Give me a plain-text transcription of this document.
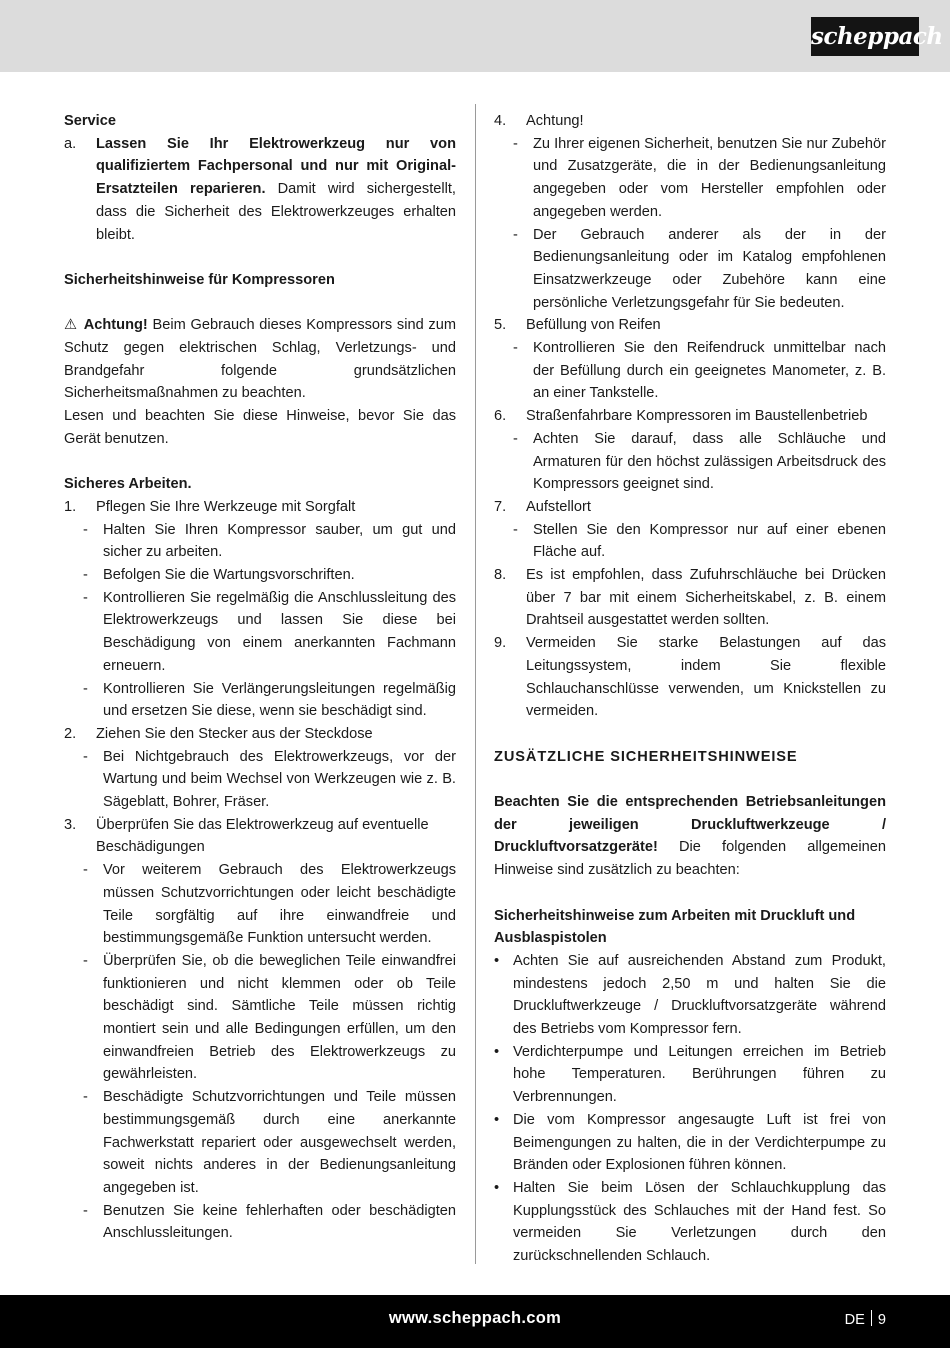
scheppach
Service
a.	Lassen Sie Ihr Elektrowerkzeug nur von qualifiziertem Fachpersonal und nur mit Original-Ersatzteilen reparieren. Damit wird sichergestellt, dass die Sicherheit des Elektrowerkzeuges erhalten bleibt.
Sicherheitshinweise für Kompressoren
⚠ Achtung! Beim Gebrauch dieses Kompressors sind zum Schutz gegen elektrischen Schlag, Verletzungs- und Brandgefahr folgende grundsätzlichen Sicherheitsmaßnahmen zu beachten.
Lesen und beachten Sie diese Hinweise, bevor Sie das Gerät benutzen.
Sicheres Arbeiten.
1.	Pflegen Sie Ihre Werkzeuge mit Sorgfalt
-	Halten Sie Ihren Kompressor sauber, um gut und sicher zu arbeiten.
-	Befolgen Sie die Wartungsvorschriften.
-	Kontrollieren Sie regelmäßig die Anschlussleitung des Elektrowerkzeugs und lassen Sie diese bei Beschädigung von einem anerkannten Fachmann erneuern.
-	Kontrollieren Sie Verlängerungsleitungen regelmäßig und ersetzen Sie diese, wenn sie beschädigt sind.
2.	Ziehen Sie den Stecker aus der Steckdose
-	Bei Nichtgebrauch des Elektrowerkzeugs, vor der Wartung und beim Wechsel von Werkzeugen wie z. B. Sägeblatt, Bohrer, Fräser.
3.	Überprüfen Sie das Elektrowerkzeug auf eventuelle Beschädigungen
-	Vor weiterem Gebrauch des Elektrowerkzeugs müssen Schutzvorrichtungen oder leicht beschädigte Teile sorgfältig auf ihre einwandfreie und bestimmungsgemäße Funktion untersucht werden.
-	Überprüfen Sie, ob die beweglichen Teile einwandfrei funktionieren und nicht klemmen oder ob Teile beschädigt sind. Sämtliche Teile müssen richtig montiert sein und alle Bedingungen erfüllen, um den einwandfreien Betrieb des Elektrowerkzeugs zu gewährleisten.
-	Beschädigte Schutzvorrichtungen und Teile müssen bestimmungsgemäß durch eine anerkannte Fachwerkstatt repariert oder ausgewechselt werden, soweit nichts anderes in der Bedienungsanleitung angegeben ist.
-	Benutzen Sie keine fehlerhaften oder beschädigten Anschlussleitungen.
4.	Achtung!
-	Zu Ihrer eigenen Sicherheit, benutzen Sie nur Zubehör und Zusatzgeräte, die in der Bedienungsanleitung angegeben oder vom Hersteller empfohlen oder angegeben werden.
-	Der Gebrauch anderer als der in der Bedienungsanleitung oder im Katalog empfohlenen Einsatzwerkzeuge oder Zubehöre kann eine persönliche Verletzungsgefahr für Sie bedeuten.
5.	Befüllung von Reifen
-	Kontrollieren Sie den Reifendruck unmittelbar nach der Befüllung durch ein geeignetes Manometer, z. B. an einer Tankstelle.
6.	Straßenfahrbare Kompressoren im Baustellenbetrieb
-	Achten Sie darauf, dass alle Schläuche und Armaturen für den höchst zulässigen Arbeitsdruck des Kompressors geeignet sind.
7.	Aufstellort
-	Stellen Sie den Kompressor nur auf einer ebenen Fläche auf.
8.	Es ist empfohlen, dass Zufuhrschläuche bei Drücken über 7 bar mit einem Sicherheitskabel, z. B. einem Drahtseil ausgestattet werden sollten.
9.	Vermeiden Sie starke Belastungen auf das Leitungssystem, indem Sie flexible Schlauchanschlüsse verwenden, um Knickstellen zu vermeiden.
ZUSÄTZLICHE SICHERHEITSHINWEISE
Beachten Sie die entsprechenden Betriebsanleitungen der jeweiligen Druckluftwerkzeuge / Druckluftvorsatzgeräte! Die folgenden allgemeinen Hinweise sind zusätzlich zu beachten:
Sicherheitshinweise zum Arbeiten mit Druckluft und Ausblaspistolen
• Achten Sie auf ausreichenden Abstand zum Produkt, mindestens jedoch 2,50 m und halten Sie die Druckluftwerkzeuge / Druckluftvorsatzgeräte während des Betriebs vom Kompressor fern.
• Verdichterpumpe und Leitungen erreichen im Betrieb hohe Temperaturen. Berührungen führen zu Verbrennungen.
• Die vom Kompressor angesaugte Luft ist frei von Beimengungen zu halten, die in der Verdichterpumpe zu Bränden oder Explosionen führen können.
• Halten Sie beim Lösen der Schlauchkupplung das Kupplungsstück des Schlauches mit der Hand fest. So vermeiden Sie Verletzungen durch den zurückschnellenden Schlauch.
www.scheppach.com	DE 9
